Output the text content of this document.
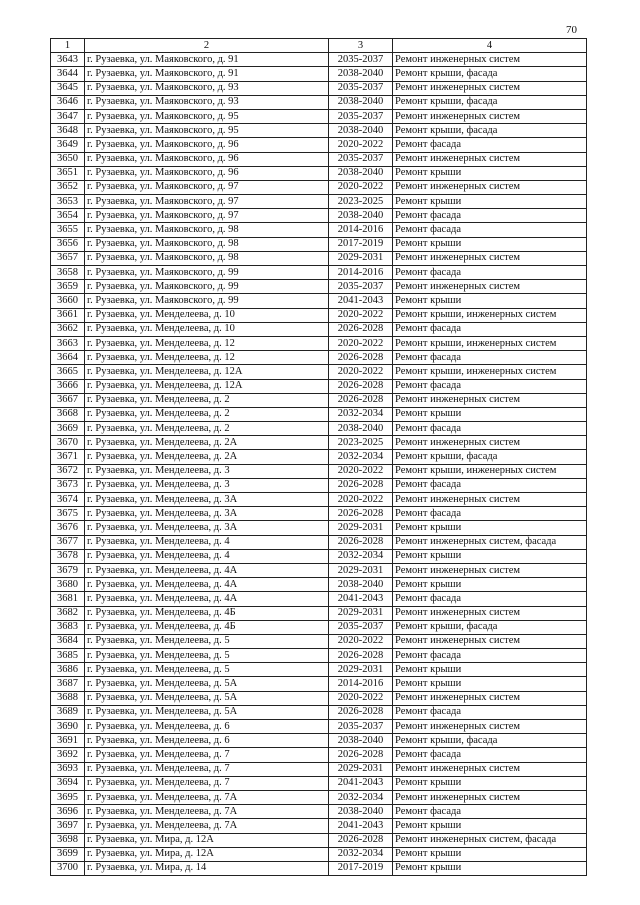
70
1	2	3	4
3643	г. Рузаевка, ул. Маяковского, д. 91	2035-2037	Ремонт инженерных систем
3644	г. Рузаевка, ул. Маяковского, д. 91	2038-2040	Ремонт крыши, фасада
3645	г. Рузаевка, ул. Маяковского, д. 93	2035-2037	Ремонт инженерных систем
3646	г. Рузаевка, ул. Маяковского, д. 93	2038-2040	Ремонт крыши, фасада
3647	г. Рузаевка, ул. Маяковского, д. 95	2035-2037	Ремонт инженерных систем
3648	г. Рузаевка, ул. Маяковского, д. 95	2038-2040	Ремонт крыши, фасада
3649	г. Рузаевка, ул. Маяковского, д. 96	2020-2022	Ремонт фасада
3650	г. Рузаевка, ул. Маяковского, д. 96	2035-2037	Ремонт инженерных систем
3651	г. Рузаевка, ул. Маяковского, д. 96	2038-2040	Ремонт крыши
3652	г. Рузаевка, ул. Маяковского, д. 97	2020-2022	Ремонт инженерных систем
3653	г. Рузаевка, ул. Маяковского, д. 97	2023-2025	Ремонт крыши
3654	г. Рузаевка, ул. Маяковского, д. 97	2038-2040	Ремонт фасада
3655	г. Рузаевка, ул. Маяковского, д. 98	2014-2016	Ремонт фасада
3656	г. Рузаевка, ул. Маяковского, д. 98	2017-2019	Ремонт крыши
3657	г. Рузаевка, ул. Маяковского, д. 98	2029-2031	Ремонт инженерных систем
3658	г. Рузаевка, ул. Маяковского, д. 99	2014-2016	Ремонт фасада
3659	г. Рузаевка, ул. Маяковского, д. 99	2035-2037	Ремонт инженерных систем
3660	г. Рузаевка, ул. Маяковского, д. 99	2041-2043	Ремонт крыши
3661	г. Рузаевка, ул. Менделеева, д. 10	2020-2022	Ремонт крыши, инженерных систем
3662	г. Рузаевка, ул. Менделеева, д. 10	2026-2028	Ремонт фасада
3663	г. Рузаевка, ул. Менделеева, д. 12	2020-2022	Ремонт крыши, инженерных систем
3664	г. Рузаевка, ул. Менделеева, д. 12	2026-2028	Ремонт фасада
3665	г. Рузаевка, ул. Менделеева, д. 12А	2020-2022	Ремонт крыши, инженерных систем
3666	г. Рузаевка, ул. Менделеева, д. 12А	2026-2028	Ремонт фасада
3667	г. Рузаевка, ул. Менделеева, д. 2	2026-2028	Ремонт инженерных систем
3668	г. Рузаевка, ул. Менделеева, д. 2	2032-2034	Ремонт крыши
3669	г. Рузаевка, ул. Менделеева, д. 2	2038-2040	Ремонт фасада
3670	г. Рузаевка, ул. Менделеева, д. 2А	2023-2025	Ремонт инженерных систем
3671	г. Рузаевка, ул. Менделеева, д. 2А	2032-2034	Ремонт крыши, фасада
3672	г. Рузаевка, ул. Менделеева, д. 3	2020-2022	Ремонт крыши, инженерных систем
3673	г. Рузаевка, ул. Менделеева, д. 3	2026-2028	Ремонт фасада
3674	г. Рузаевка, ул. Менделеева, д. 3А	2020-2022	Ремонт инженерных систем
3675	г. Рузаевка, ул. Менделеева, д. 3А	2026-2028	Ремонт фасада
3676	г. Рузаевка, ул. Менделеева, д. 3А	2029-2031	Ремонт крыши
3677	г. Рузаевка, ул. Менделеева, д. 4	2026-2028	Ремонт инженерных систем, фасада
3678	г. Рузаевка, ул. Менделеева, д. 4	2032-2034	Ремонт крыши
3679	г. Рузаевка, ул. Менделеева, д. 4А	2029-2031	Ремонт инженерных систем
3680	г. Рузаевка, ул. Менделеева, д. 4А	2038-2040	Ремонт крыши
3681	г. Рузаевка, ул. Менделеева, д. 4А	2041-2043	Ремонт фасада
3682	г. Рузаевка, ул. Менделеева, д. 4Б	2029-2031	Ремонт инженерных систем
3683	г. Рузаевка, ул. Менделеева, д. 4Б	2035-2037	Ремонт крыши, фасада
3684	г. Рузаевка, ул. Менделеева, д. 5	2020-2022	Ремонт инженерных систем
3685	г. Рузаевка, ул. Менделеева, д. 5	2026-2028	Ремонт фасада
3686	г. Рузаевка, ул. Менделеева, д. 5	2029-2031	Ремонт крыши
3687	г. Рузаевка, ул. Менделеева, д. 5А	2014-2016	Ремонт крыши
3688	г. Рузаевка, ул. Менделеева, д. 5А	2020-2022	Ремонт инженерных систем
3689	г. Рузаевка, ул. Менделеева, д. 5А	2026-2028	Ремонт фасада
3690	г. Рузаевка, ул. Менделеева, д. 6	2035-2037	Ремонт инженерных систем
3691	г. Рузаевка, ул. Менделеева, д. 6	2038-2040	Ремонт крыши, фасада
3692	г. Рузаевка, ул. Менделеева, д. 7	2026-2028	Ремонт фасада
3693	г. Рузаевка, ул. Менделеева, д. 7	2029-2031	Ремонт инженерных систем
3694	г. Рузаевка, ул. Менделеева, д. 7	2041-2043	Ремонт крыши
3695	г. Рузаевка, ул. Менделеева, д. 7А	2032-2034	Ремонт инженерных систем
3696	г. Рузаевка, ул. Менделеева, д. 7А	2038-2040	Ремонт фасада
3697	г. Рузаевка, ул. Менделеева, д. 7А	2041-2043	Ремонт крыши
3698	г. Рузаевка, ул. Мира, д. 12А	2026-2028	Ремонт инженерных систем, фасада
3699	г. Рузаевка, ул. Мира, д. 12А	2032-2034	Ремонт крыши
3700	г. Рузаевка, ул. Мира, д. 14	2017-2019	Ремонт крыши
